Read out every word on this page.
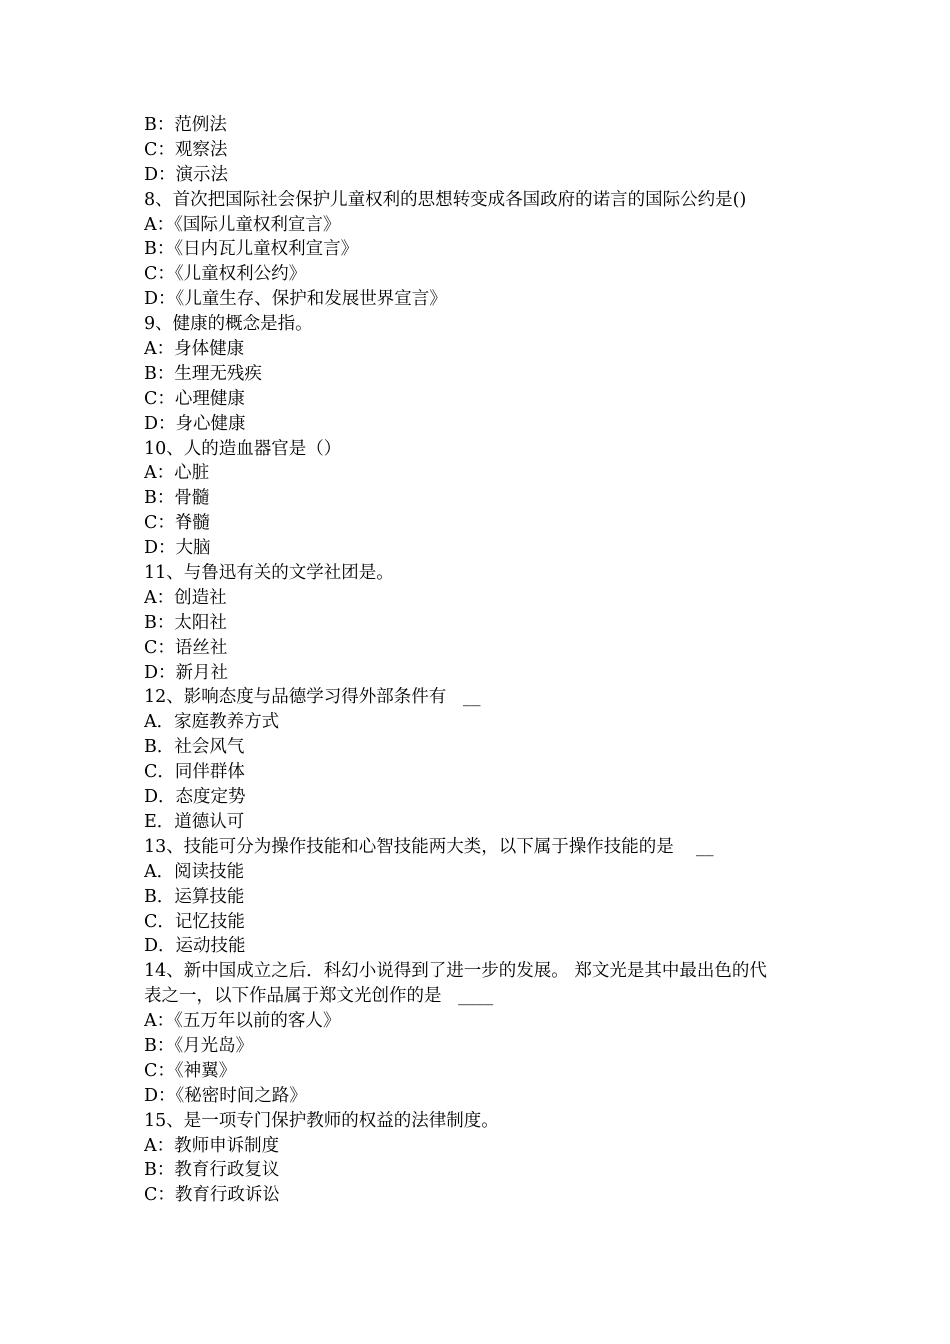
B：范例法
C：观察法
D：演示法
8、首次把国际社会保护儿童权利的思想转变成各国政府的诺言的国际公约是()
A：《国际儿童权利宣言》
B：《日内瓦儿童权利宣言》
C：《儿童权利公约》
D：《儿童生存、保护和发展世界宣言》
9、健康的概念是指。
A：身体健康
B：生理无残疾
C：心理健康
D：身心健康
10、人的造血器官是（）
A：心脏
B：骨髓
C：脊髓
D：大脑
11、与鲁迅有关的文学社团是。
A：创造社
B：太阳社
C：语丝社
D：新月社
12、影响态度与品德学习得外部条件有   __
A．家庭教养方式
B．社会风气
C．同伴群体
D．态度定势
E．道德认可
13、技能可分为操作技能和心智技能两大类，以下属于操作技能的是    __
A．阅读技能
B．运算技能
C．记忆技能
D．运动技能
14、新中国成立之后．科幻小说得到了进一步的发展。 郑文光是其中最出色的代
表之一，以下作品属于郑文光创作的是   ____
A：《五万年以前的客人》
B：《月光岛》
C：《神翼》
D：《秘密时间之路》
15、是一项专门保护教师的权益的法律制度。
A：教师申诉制度
B：教育行政复议
C：教育行政诉讼
